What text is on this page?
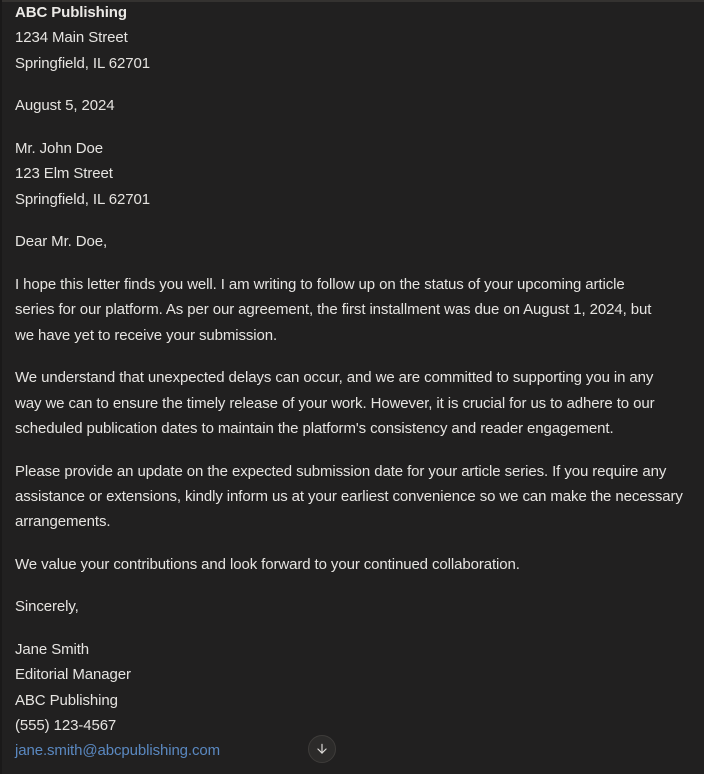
ABC Publishing
1234 Main Street
Springfield, IL 62701
August 5, 2024
Mr. John Doe
123 Elm Street
Springfield, IL 62701
Dear Mr. Doe,
I hope this letter finds you well. I am writing to follow up on the status of your upcoming article
series for our platform. As per our agreement, the first installment was due on August 1, 2024, but
we have yet to receive your submission.
We understand that unexpected delays can occur, and we are committed to supporting you in any
way we can to ensure the timely release of your work. However, it is crucial for us to adhere to our
scheduled publication dates to maintain the platform's consistency and reader engagement.
Please provide an update on the expected submission date for your article series. If you require any
assistance or extensions, kindly inform us at your earliest convenience so we can make the necessary
arrangements.
We value your contributions and look forward to your continued collaboration.
Sincerely,
Jane Smith
Editorial Manager
ABC Publishing
(555) 123-4567
jane.smith@abcpublishing.com
